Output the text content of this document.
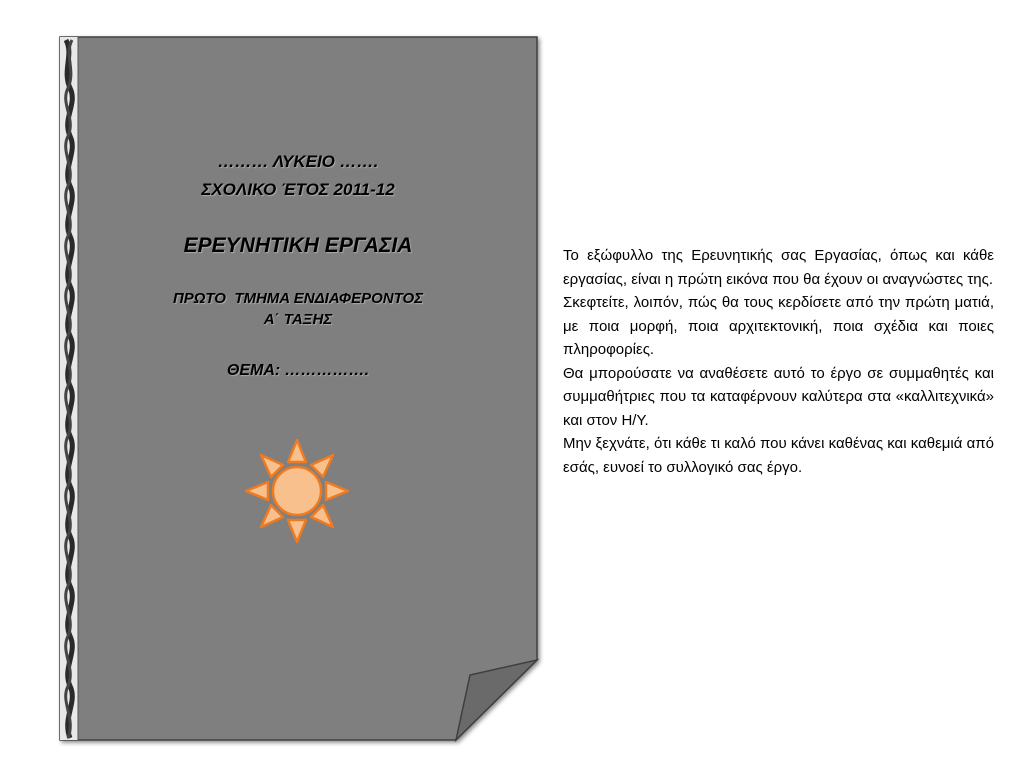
……… ΛΥΚΕΙΟ …….

ΣΧΟΛΙΚΟ ΈΤΟΣ 2011-12

ΕΡΕΥΝΗΤΙΚΗ ΕΡΓΑΣΙΑ

ΠΡΩΤΟ  ΤΜΗΜΑ ΕΝΔΙΑΦΕΡΟΝΤΟΣ

Α΄ ΤΑΞΗΣ

ΘΕΜΑ: …………….

Το εξώφυλλο της Ερευνητικής σας Εργασίας, όπως και κάθε εργασίας, είναι η πρώτη εικόνα που θα έχουν οι αναγνώστες της.

Σκεφτείτε, λοιπόν, πώς θα τους κερδίσετε από την πρώτη ματιά, με ποια μορφή, ποια αρχιτεκτονική, ποια σχέδια και ποιες πληροφορίες.

Θα μπορούσατε να αναθέσετε αυτό το έργο σε συμμαθητές και συμμαθήτριες που τα καταφέρνουν καλύτερα στα «καλλιτεχνικά» και στον Η/Υ.

Μην ξεχνάτε, ότι κάθε τι καλό που κάνει καθένας και καθεμιά από εσάς, ευνοεί το συλλογικό σας έργο.
